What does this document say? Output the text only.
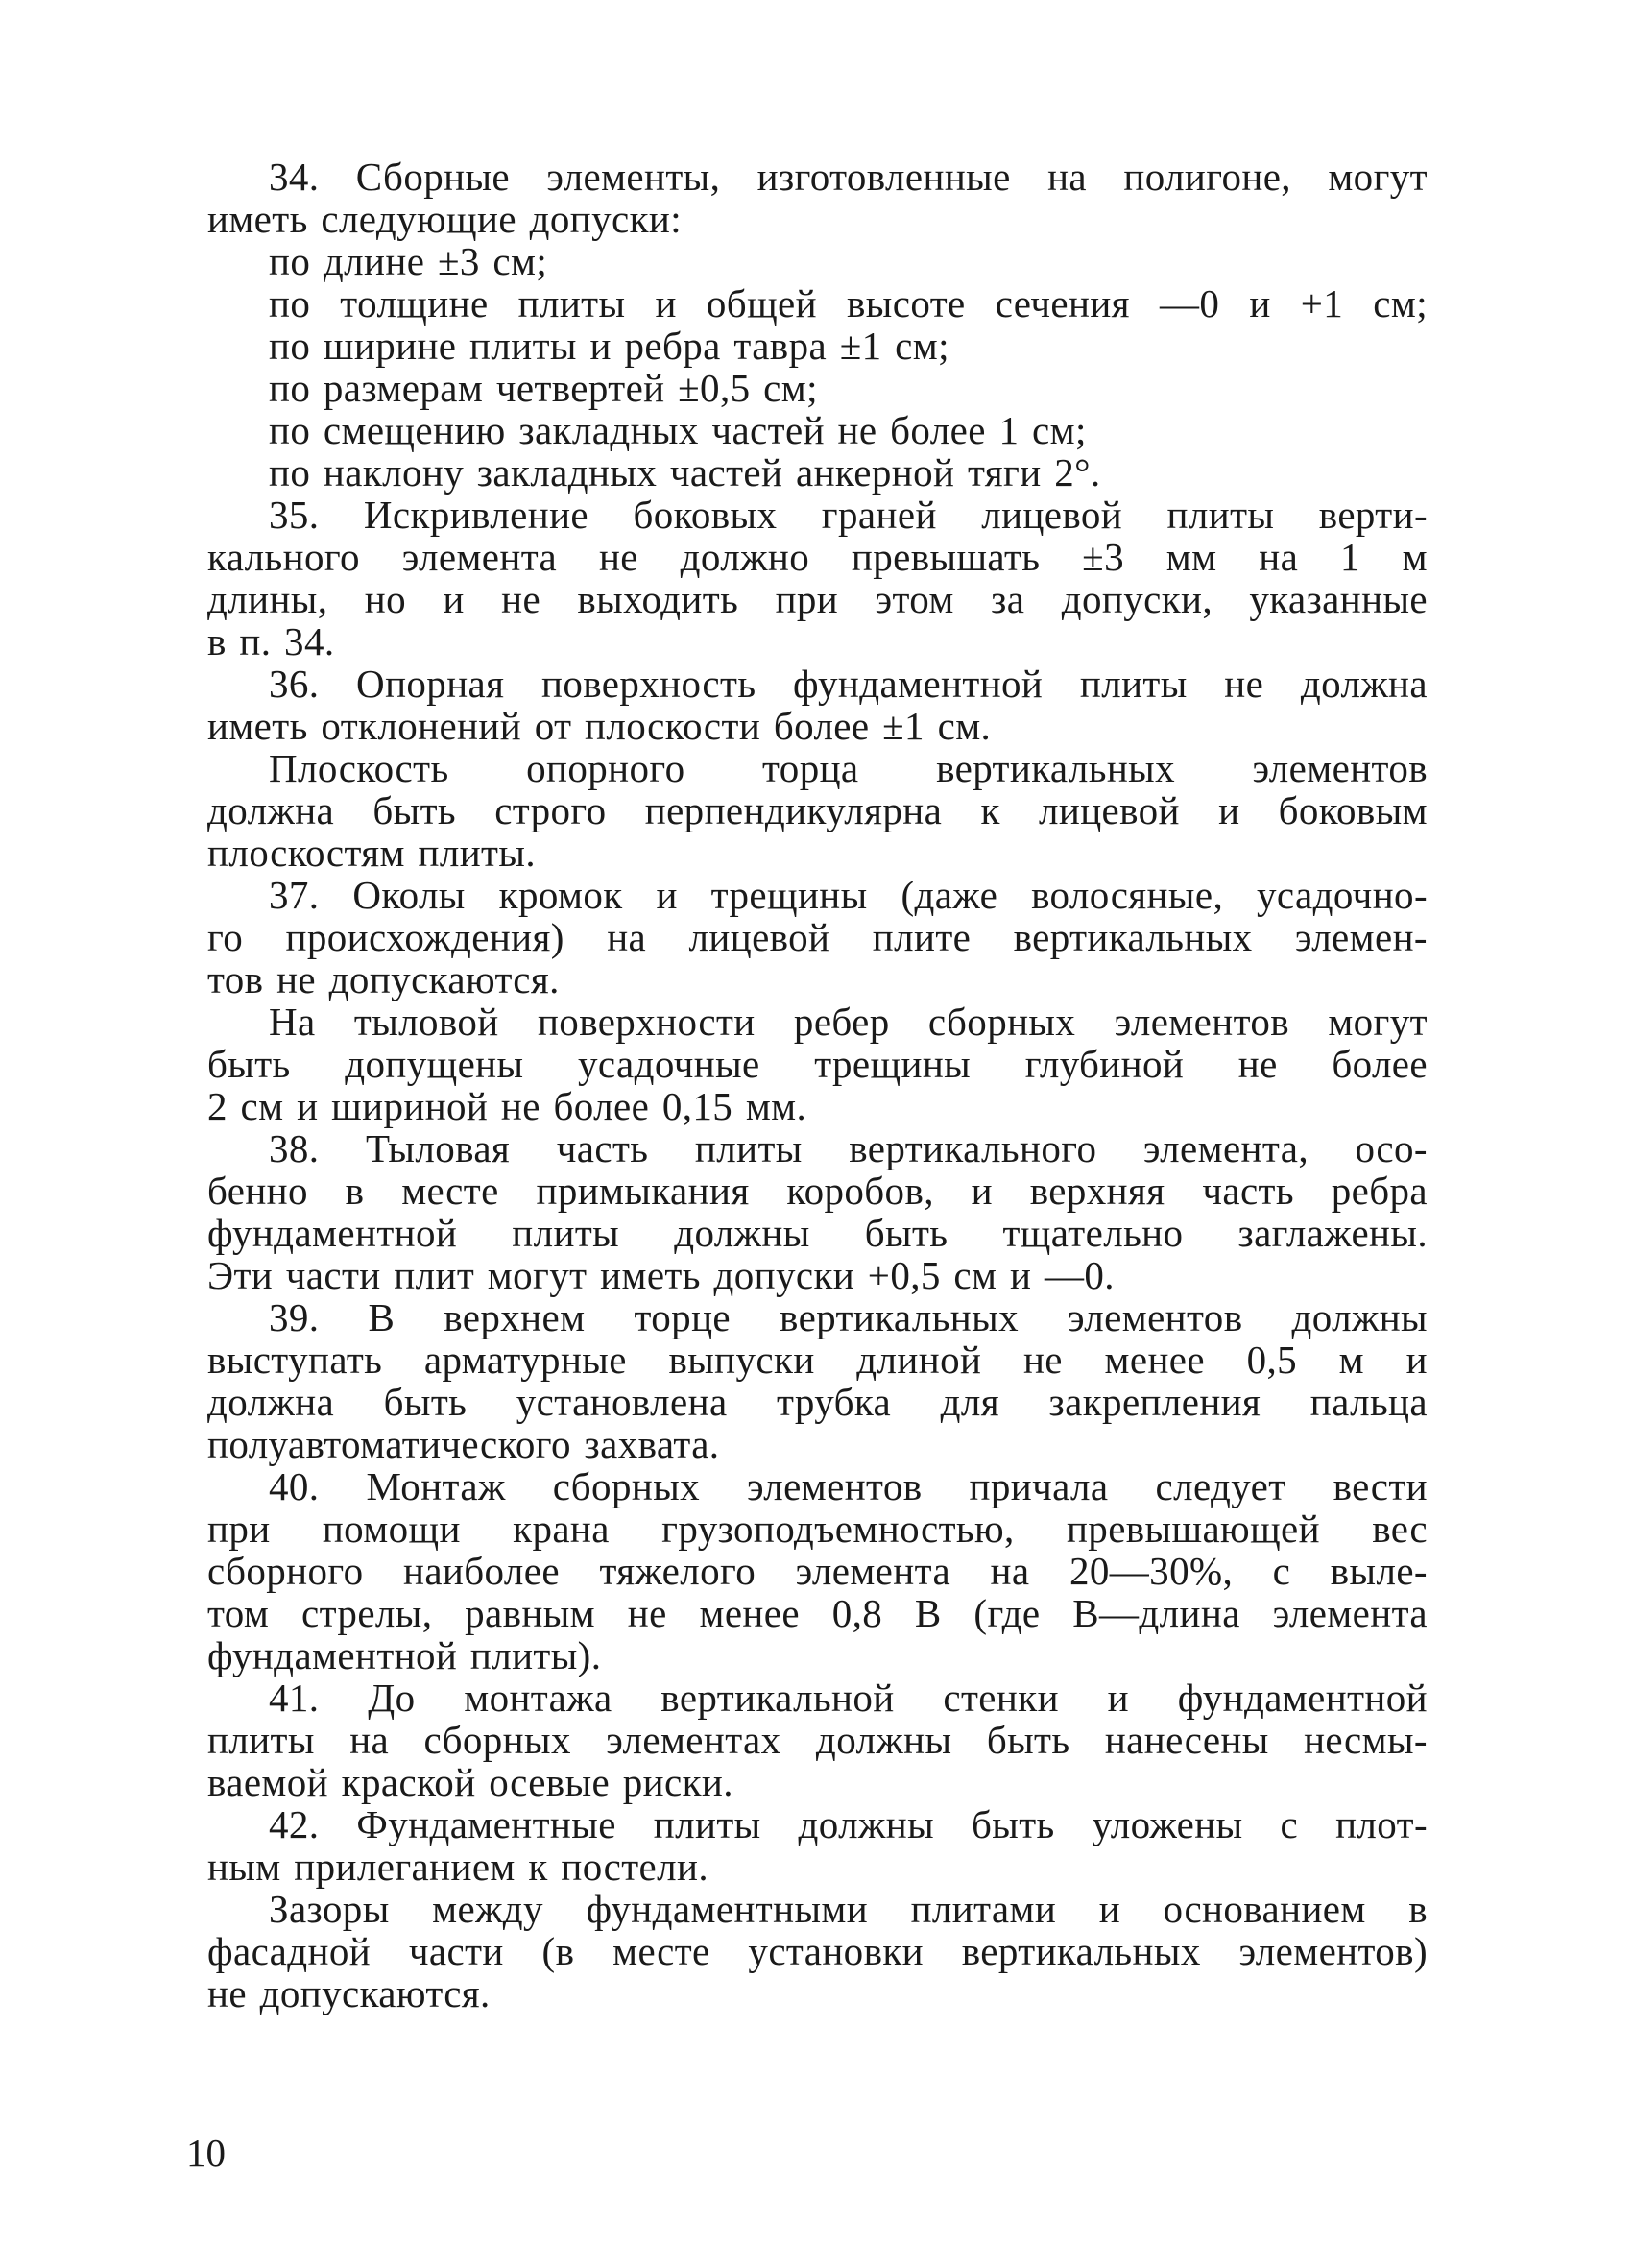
34. Сборные элементы, изготовленные на полигоне, могут
иметь следующие допуски:
по длине ±3 см;
по толщине плиты и общей высоте сечения —0 и +1 см;
по ширине плиты и ребра тавра ±1 см;
по размерам четвертей ±0,5 см;
по смещению закладных частей не более 1 см;
по наклону закладных частей анкерной тяги 2°.
35. Искривление боковых граней лицевой плиты верти-
кального элемента не должно превышать ±3 мм на 1 м
длины, но и не выходить при этом за допуски, указанные
в п. 34.
36. Опорная поверхность фундаментной плиты не должна
иметь отклонений от плоскости более ±1 см.
Плоскость опорного торца вертикальных элементов
должна быть строго перпендикулярна к лицевой и боковым
плоскостям плиты.
37. Околы кромок и трещины (даже волосяные, усадочно-
го происхождения) на лицевой плите вертикальных элемен-
тов не допускаются.
На тыловой поверхности ребер сборных элементов могут
быть допущены усадочные трещины глубиной не более
2 см и шириной не более 0,15 мм.
38. Тыловая часть плиты вертикального элемента, осо-
бенно в месте примыкания коробов, и верхняя часть ребра
фундаментной плиты должны быть тщательно заглажены.
Эти части плит могут иметь допуски +0,5 см и —0.
39. В верхнем торце вертикальных элементов должны
выступать арматурные выпуски длиной не менее 0,5 м и
должна быть установлена трубка для закрепления пальца
полуавтоматического захвата.
40. Монтаж сборных элементов причала следует вести
при помощи крана грузоподъемностью, превышающей вес
сборного наиболее тяжелого элемента на 20—30%, с выле-
том стрелы, равным не менее 0,8 В (где В—длина элемента
фундаментной плиты).
41. До монтажа вертикальной стенки и фундаментной
плиты на сборных элементах должны быть нанесены несмы-
ваемой краской осевые риски.
42. Фундаментные плиты должны быть уложены с плот-
ным прилеганием к постели.
Зазоры между фундаментными плитами и основанием в
фасадной части (в месте установки вертикальных элементов)
не допускаются.
10
